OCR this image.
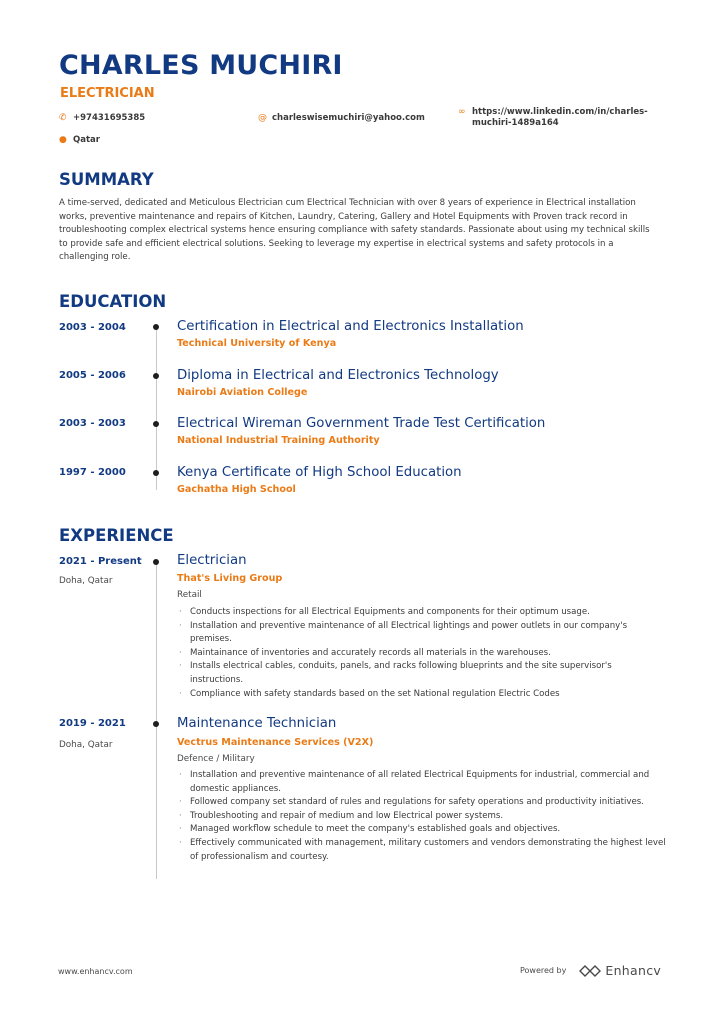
CHARLES MUCHIRI
ELECTRICIAN
✆ +97431695385	@ charleswisemuchiri@yahoo.com
∞ https://www.linkedin.com/in/charles-muchiri-1489a164
● Qatar
SUMMARY
A time-served, dedicated and Meticulous Electrician cum Electrical Technician with over 8 years of experience in Electrical installation works, preventive maintenance and repairs of Kitchen, Laundry, Catering, Gallery and Hotel Equipments with Proven track record in troubleshooting complex electrical systems hence ensuring compliance with safety standards. Passionate about using my technical skills to provide safe and efficient electrical solutions. Seeking to leverage my expertise in electrical systems and safety protocols in a challenging role.
EDUCATION
2003 - 2004	Certification in Electrical and Electronics Installation
Technical University of Kenya
2005 - 2006	Diploma in Electrical and Electronics Technology
Nairobi Aviation College
2003 - 2003	Electrical Wireman Government Trade Test Certification
National Industrial Training Authority
1997 - 2000	Kenya Certificate of High School Education
Gachatha High School
EXPERIENCE
2021 - Present
Doha, Qatar
Electrician
That's Living Group
Retail
· Conducts inspections for all Electrical Equipments and components for their optimum usage.
· Installation and preventive maintenance of all Electrical lightings and power outlets in our company's premises.
· Maintainance of inventories and accurately records all materials in the warehouses.
· Installs electrical cables, conduits, panels, and racks following blueprints and the site supervisor's instructions.
· Compliance with safety standards based on the set National regulation Electric Codes
2019 - 2021
Doha, Qatar
Maintenance Technician
Vectrus Maintenance Services (V2X)
Defence / Military
· Installation and preventive maintenance of all related Electrical Equipments for industrial, commercial and domestic appliances.
· Followed company set standard of rules and regulations for safety operations and productivity initiatives.
· Troubleshooting and repair of medium and low Electrical power systems.
· Managed workflow schedule to meet the company's established goals and objectives.
· Effectively communicated with management, military customers and vendors demonstrating the highest level of professionalism and courtesy.
www.enhancv.com	Powered by	Enhancv
